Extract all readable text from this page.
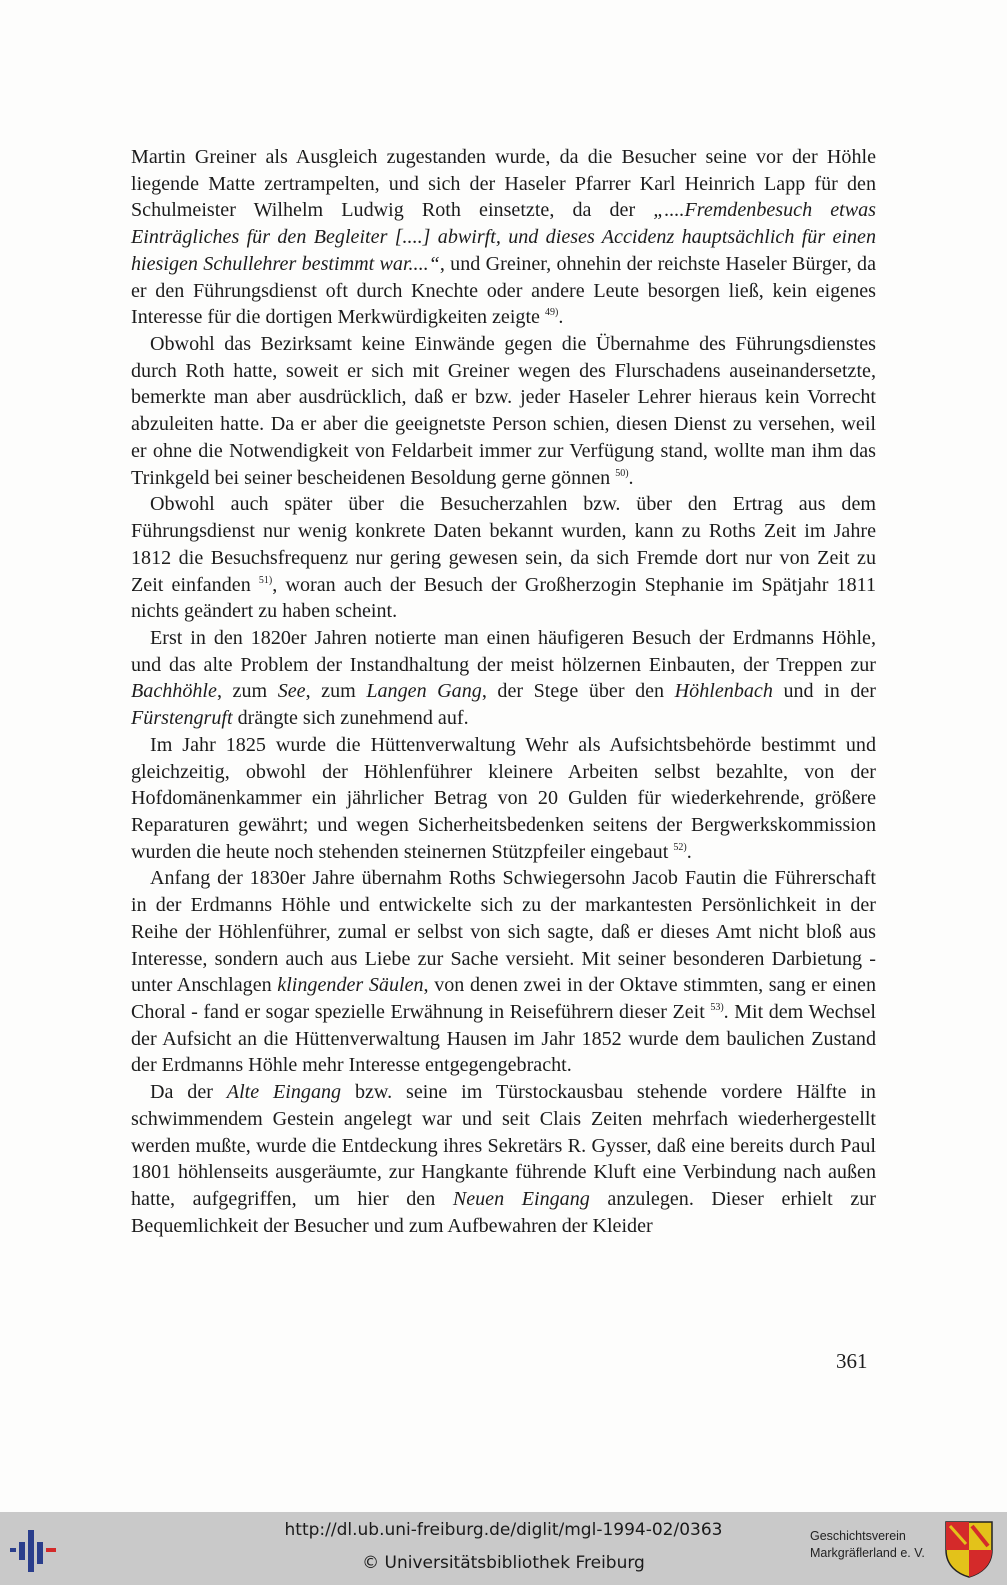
Martin Greiner als Ausgleich zugestanden wurde, da die Besucher seine vor der Höhle liegende Matte zertrampelten, und sich der Haseler Pfarrer Karl Heinrich Lapp für den Schulmeister Wilhelm Ludwig Roth einsetzte, da der „....Fremdenbesuch etwas Einträgliches für den Begleiter [....] abwirft, und dieses Accidenz hauptsächlich für einen hiesigen Schullehrer bestimmt war....“, und Greiner, ohnehin der reichste Haseler Bürger, da er den Führungsdienst oft durch Knechte oder andere Leute besorgen ließ, kein eigenes Interesse für die dortigen Merkwürdigkeiten zeigte $^{49)}$.

Obwohl das Bezirksamt keine Einwände gegen die Übernahme des Führungsdienstes durch Roth hatte, soweit er sich mit Greiner wegen des Flurschadens auseinandersetzte, bemerkte man aber ausdrücklich, daß er bzw. jeder Haseler Lehrer hieraus kein Vorrecht abzuleiten hatte. Da er aber die geeignetste Person schien, diesen Dienst zu versehen, weil er ohne die Notwendigkeit von Feldarbeit immer zur Verfügung stand, wollte man ihm das Trinkgeld bei seiner bescheidenen Besoldung gerne gönnen $^{50)}$.

Obwohl auch später über die Besucherzahlen bzw. über den Ertrag aus dem Führungsdienst nur wenig konkrete Daten bekannt wurden, kann zu Roths Zeit im Jahre 1812 die Besuchsfrequenz nur gering gewesen sein, da sich Fremde dort nur von Zeit zu Zeit einfanden $^{51)}$, woran auch der Besuch der Großherzogin Stephanie im Spätjahr 1811 nichts geändert zu haben scheint.

Erst in den 1820er Jahren notierte man einen häufigeren Besuch der Erdmanns Höhle, und das alte Problem der Instandhaltung der meist hölzernen Einbauten, der Treppen zur Bachhöhle, zum See, zum Langen Gang, der Stege über den Höhlenbach und in der Fürstengruft drängte sich zunehmend auf.

Im Jahr 1825 wurde die Hüttenverwaltung Wehr als Aufsichtsbehörde bestimmt und gleichzeitig, obwohl der Höhlenführer kleinere Arbeiten selbst bezahlte, von der Hofdomänenkammer ein jährlicher Betrag von 20 Gulden für wiederkehrende, größere Reparaturen gewährt; und wegen Sicherheitsbedenken seitens der Bergwerkskommission wurden die heute noch stehenden steinernen Stützpfeiler eingebaut $^{52)}$.

Anfang der 1830er Jahre übernahm Roths Schwiegersohn Jacob Fautin die Führerschaft in der Erdmanns Höhle und entwickelte sich zu der markantesten Persönlichkeit in der Reihe der Höhlenführer, zumal er selbst von sich sagte, daß er dieses Amt nicht bloß aus Interesse, sondern auch aus Liebe zur Sache versieht. Mit seiner besonderen Darbietung - unter Anschlagen klingender Säulen, von denen zwei in der Oktave stimmten, sang er einen Choral - fand er sogar spezielle Erwähnung in Reiseführern dieser Zeit $^{53)}$. Mit dem Wechsel der Aufsicht an die Hüttenverwaltung Hausen im Jahr 1852 wurde dem baulichen Zustand der Erdmanns Höhle mehr Interesse entgegengebracht.

Da der Alte Eingang bzw. seine im Türstockausbau stehende vordere Hälfte in schwimmendem Gestein angelegt war und seit Clais Zeiten mehrfach wiederhergestellt werden mußte, wurde die Entdeckung ihres Sekretärs R. Gysser, daß eine bereits durch Paul 1801 höhlenseits ausgeräumte, zur Hangkante führende Kluft eine Verbindung nach außen hatte, aufgegriffen, um hier den Neuen Eingang anzulegen. Dieser erhielt zur Bequemlichkeit der Besucher und zum Aufbewahren der Kleider

361
http://dl.ub.uni-freiburg.de/diglit/mgl-1994-02/0363
© Universitätsbibliothek Freiburg
Geschichtsverein
Markgräflerland e. V.
